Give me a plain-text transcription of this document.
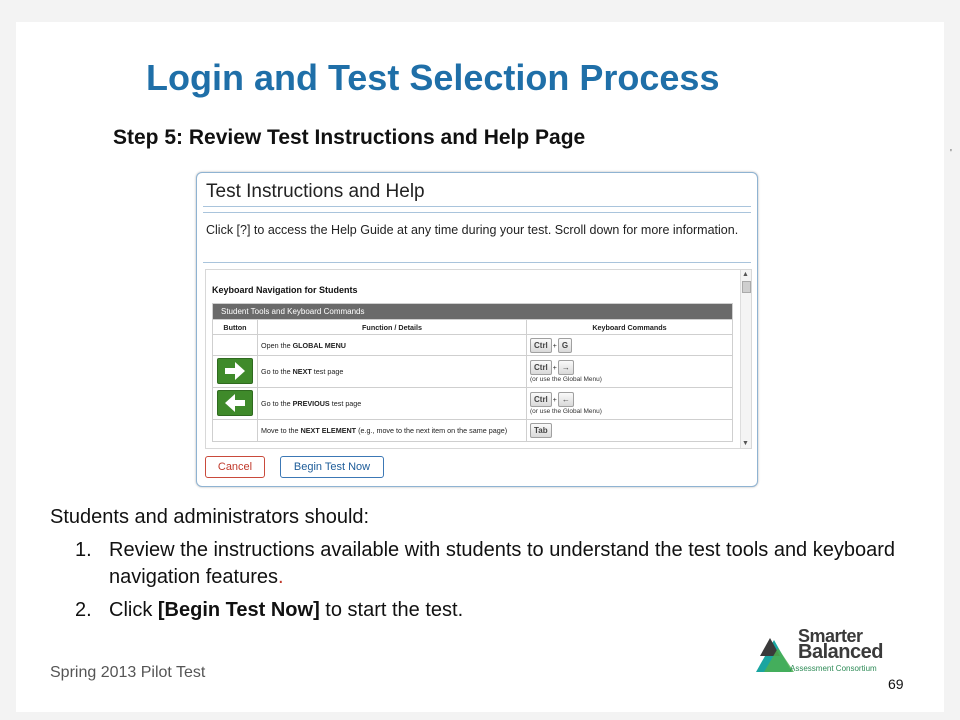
Login and Test Selection Process
Step 5: Review Test Instructions and Help Page
'
Test Instructions and Help
Click [?] to access the Help Guide at any time during your test. Scroll down for more information.
Keyboard Navigation for Students
Student Tools and Keyboard Commands		
Button	Function / Details	Keyboard Commands
	Open the GLOBAL MENU	Ctrl + G

	Go to the NEXT test page	Ctrl + →
(or use the Global Menu)

	Go to the PREVIOUS test page	Ctrl + ←
(or use the Global Menu)

	Move to the NEXT ELEMENT (e.g., move to the next item on the same page)	Tab
▲
▼
Cancel	Begin Test Now
Students and administrators should:
1. Review the instructions available with students to understand the test tools and keyboard navigation features.
2. Click [Begin Test Now] to start the test.
Spring 2013 Pilot Test
Smarter
Balanced
Assessment Consortium
69
